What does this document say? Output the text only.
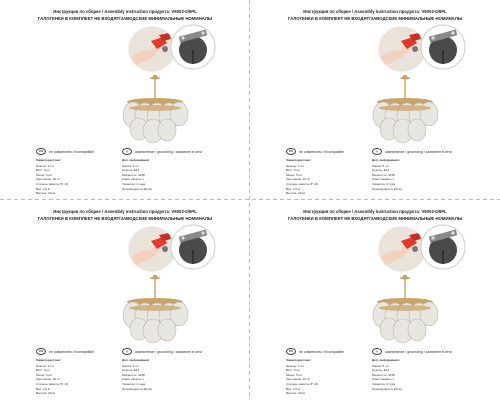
Инструкция по сборке / Assembly instruction продукта: V5002-0/5PL
ГАЛОГЕНКИ В КОМПЛЕКТ НЕ ВХОДЯТ/ЗАВОДСКИЕ МИНИМАЛЬНЫЕ НОМИНАЛЫ
CE	не совместим / incompatible	⏚	заземление / grounding / заземлен в сети
Характеристики:
Цоколь: 1 шт
Ватт: 5 шт
Мощн: 5 шт
Крепление: 40 гр
Степень защиты IP: 20
Вес: 4,9 кг
Высота: 21см
Доп. информация:
Лампа: 5 шт
Цоколь: E14
Мощность: 40 Вт
Класс защиты: I
Гарантия: 2 года
Произведено в Китае
Инструкция по сборке / Assembly instruction продукта: V5002-0/5PL
ГАЛОГЕНКИ В КОМПЛЕКТ НЕ ВХОДЯТ/ЗАВОДСКИЕ МИНИМАЛЬНЫЕ НОМИНАЛЫ
CE	не совместим / incompatible	⏚	заземление / grounding / заземлен в сети
Характеристики:
Цоколь: 1 шт
Ватт: 5 шт
Мощн: 5 шт
Крепление: 40 гр
Степень защиты IP: 20
Вес: 4,9 кг
Высота: 21см
Доп. информация:
Лампа: 5 шт
Цоколь: E14
Мощность: 40 Вт
Класс защиты: I
Гарантия: 2 года
Произведено в Китае
Инструкция по сборке / Assembly instruction продукта: V5002-0/5PL
ГАЛОГЕНКИ В КОМПЛЕКТ НЕ ВХОДЯТ/ЗАВОДСКИЕ МИНИМАЛЬНЫЕ НОМИНАЛЫ
CE	не совместим / incompatible	⏚	заземление / grounding / заземлен в сети
Характеристики:
Цоколь: 1 шт
Ватт: 5 шт
Мощн: 5 шт
Крепление: 40 гр
Степень защиты IP: 20
Вес: 4,9 кг
Высота: 21см
Доп. информация:
Лампа: 5 шт
Цоколь: E14
Мощность: 40 Вт
Класс защиты: I
Гарантия: 2 года
Произведено в Китае
Инструкция по сборке / Assembly instruction продукта: V5002-0/5PL
ГАЛОГЕНКИ В КОМПЛЕКТ НЕ ВХОДЯТ/ЗАВОДСКИЕ МИНИМАЛЬНЫЕ НОМИНАЛЫ
CE	не совместим / incompatible	⏚	заземление / grounding / заземлен в сети
Характеристики:
Цоколь: 1 шт
Ватт: 5 шт
Мощн: 5 шт
Крепление: 40 гр
Степень защиты IP: 20
Вес: 4,9 кг
Высота: 21см
Доп. информация:
Лампа: 5 шт
Цоколь: E14
Мощность: 40 Вт
Класс защиты: I
Гарантия: 2 года
Произведено в Китае
